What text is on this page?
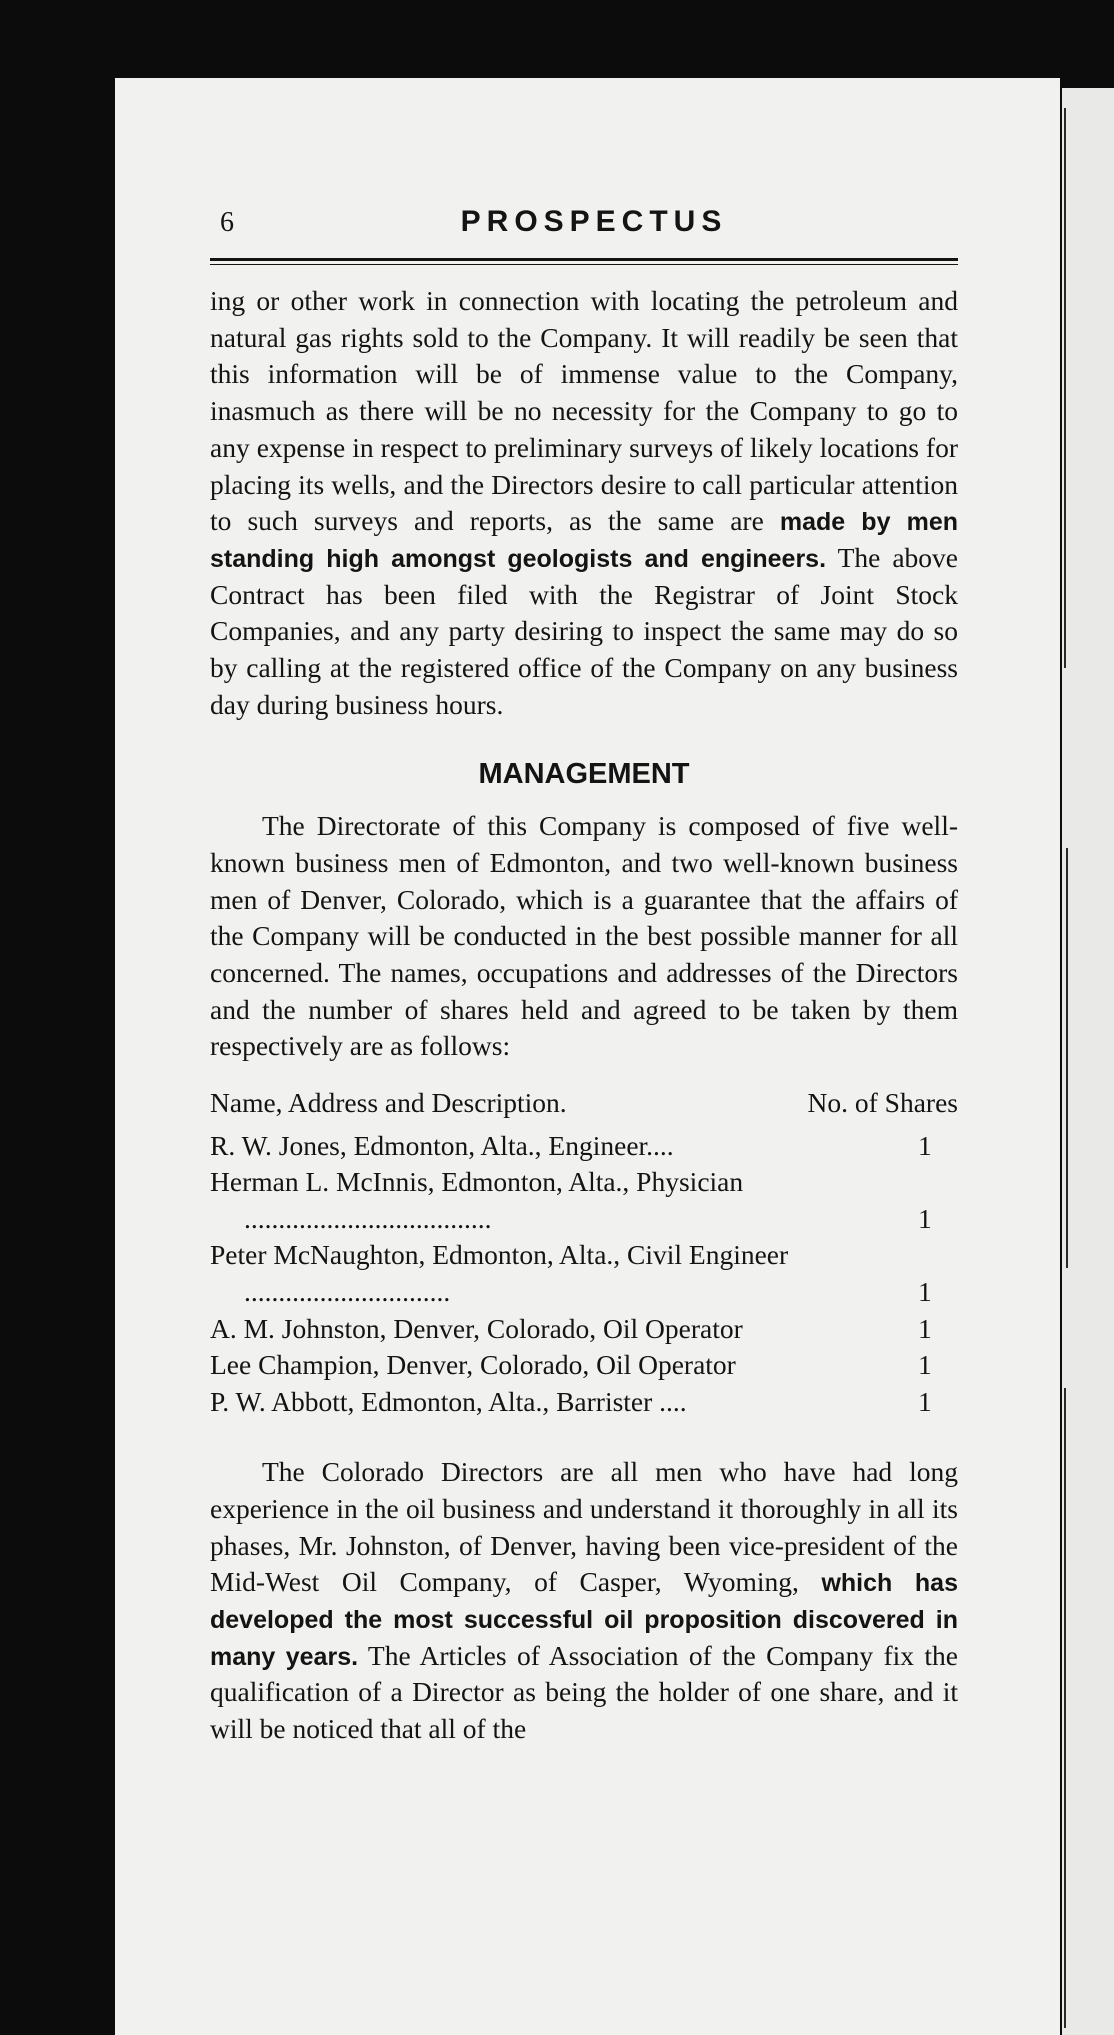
6	PROSPECTUS

ing or other work in connection with locating the petroleum and natural gas rights sold to the Company. It will readily be seen that this information will be of immense value to the Company, inasmuch as there will be no necessity for the Company to go to any expense in respect to preliminary surveys of likely locations for placing its wells, and the Directors desire to call particular attention to such surveys and reports, as the same are made by men standing high amongst geologists and engineers. The above Contract has been filed with the Registrar of Joint Stock Companies, and any party desiring to inspect the same may do so by calling at the registered office of the Company on any business day during business hours.

MANAGEMENT

The Directorate of this Company is composed of five well-known business men of Edmonton, and two well-known business men of Denver, Colorado, which is a guarantee that the affairs of the Company will be conducted in the best possible manner for all concerned. The names, occupations and addresses of the Directors and the number of shares held and agreed to be taken by them respectively are as follows:

Name, Address and Description.	No. of Shares
R. W. Jones, Edmonton, Alta., Engineer....	1
Herman L. McInnis, Edmonton, Alta., Physician ....................................	1
Peter McNaughton, Edmonton, Alta., Civil Engineer ..............................	1
A. M. Johnston, Denver, Colorado, Oil Operator	1
Lee Champion, Denver, Colorado, Oil Operator	1
P. W. Abbott, Edmonton, Alta., Barrister ....	1

The Colorado Directors are all men who have had long experience in the oil business and understand it thoroughly in all its phases, Mr. Johnston, of Denver, having been vice-president of the Mid-West Oil Company, of Casper, Wyoming, which has developed the most successful oil proposition discovered in many years. The Articles of Association of the Company fix the qualification of a Director as being the holder of one share, and it will be noticed that all of the
